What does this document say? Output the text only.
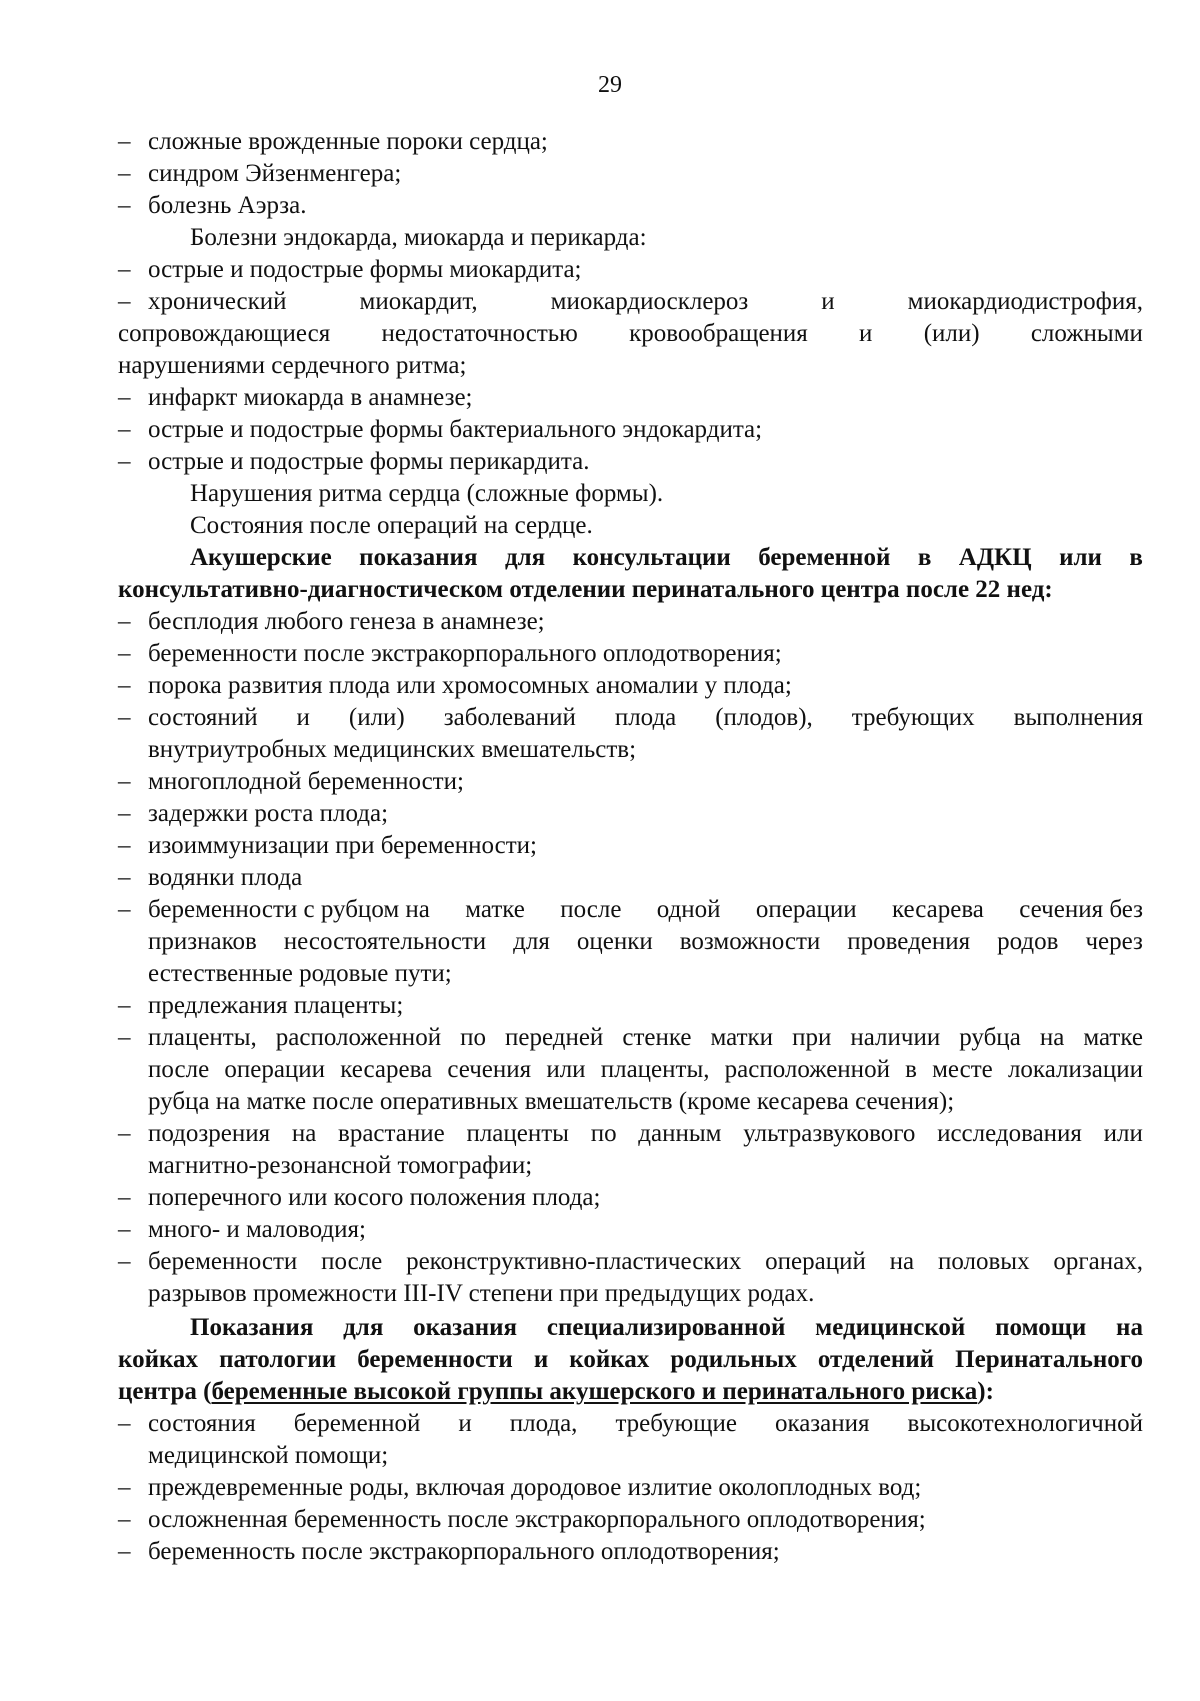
29
– сложные врожденные пороки сердца;
– синдром Эйзенменгера;
– болезнь Аэрза.
Болезни эндокарда, миокарда и перикарда:
– острые и подострые формы миокардита;
– хронический	миокардит,	миокардиосклероз	и	миокардиодистрофия,
сопровождающиеся недостаточностью кровообращения и (или) сложными
нарушениями сердечного ритма;
– инфаркт миокарда в анамнезе;
– острые и подострые формы бактериального эндокардита;
– острые и подострые формы перикардита.
Нарушения ритма сердца (сложные формы).
Состояния после операций на сердце.
Акушерские показания для консультации беременной в АДКЦ или в
консультативно-диагностическом отделении перинатального центра после 22 нед:
– бесплодия любого генеза в анамнезе;
– беременности после экстракорпорального оплодотворения;
– порока развития плода или хромосомных аномалии у плода;
– состояний и (или) заболеваний плода (плодов), требующих выполнения
внутриутробных медицинских вмешательств;
– многоплодной беременности;
– задержки роста плода;
– изоиммунизации при беременности;
– водянки плода
– беременности с рубцом на матке после одной операции кесарева сечения без
признаков несостоятельности для оценки возможности проведения родов через
естественные родовые пути;
– предлежания плаценты;
– плаценты, расположенной по передней стенке матки при наличии рубца на матке
после операции кесарева сечения или плаценты, расположенной в месте локализации
рубца на матке после оперативных вмешательств (кроме кесарева сечения);
– подозрения на врастание плаценты по данным ультразвукового исследования или
магнитно-резонансной томографии;
– поперечного или косого положения плода;
– много- и маловодия;
– беременности после реконструктивно-пластических операций на половых органах,
разрывов промежности III-IV степени при предыдущих родах.
Показания для оказания специализированной медицинской помощи на
койках патологии беременности и койках родильных отделений Перинатального
центра (беременные высокой группы акушерского и перинатального риска):
– состояния беременной и плода, требующие оказания высокотехнологичной
медицинской помощи;
– преждевременные роды, включая дородовое излитие околоплодных вод;
– осложненная беременность после экстракорпорального оплодотворения;
– беременность после экстракорпорального оплодотворения;
